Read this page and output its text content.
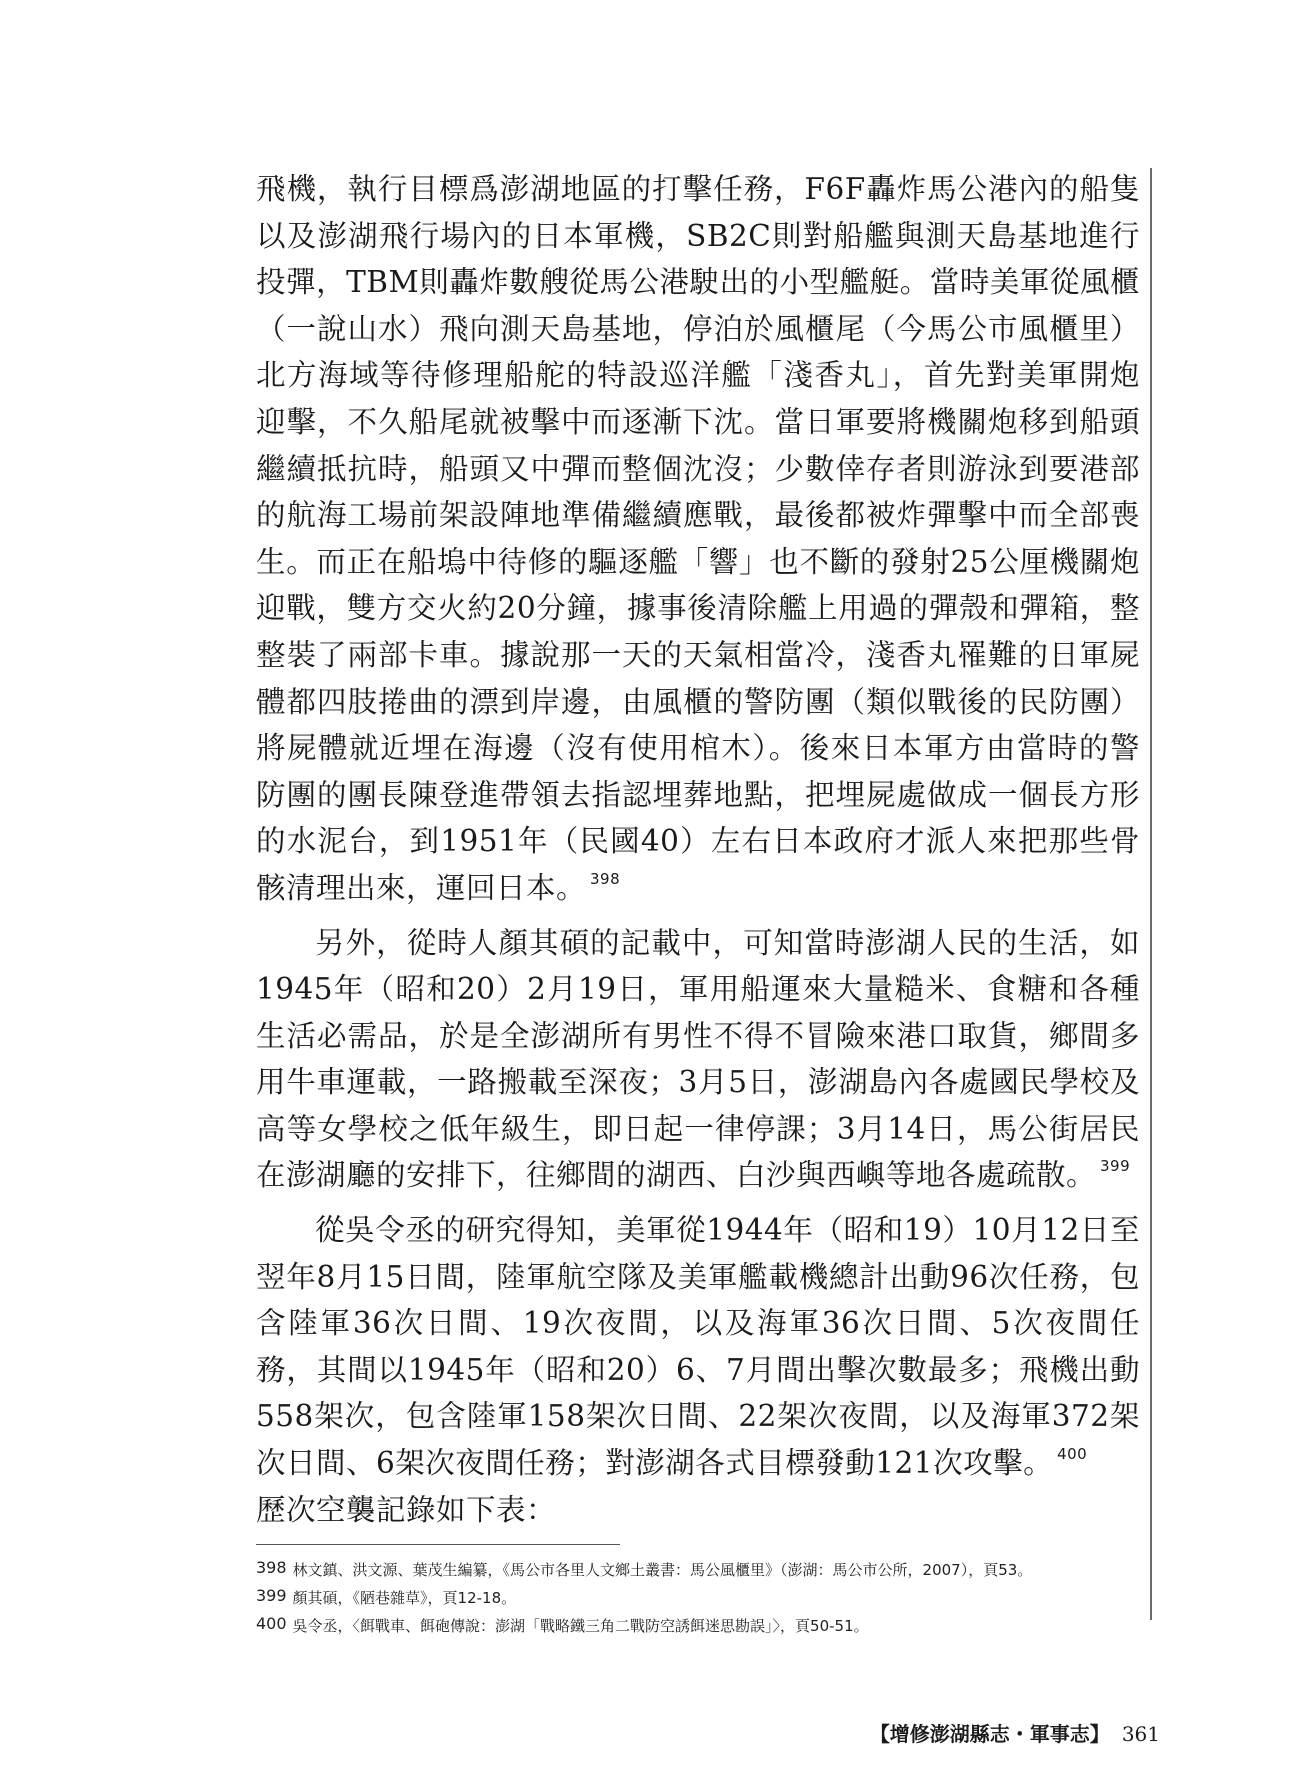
飛機，執行目標爲澎湖地區的打擊任務，F6F轟炸馬公港內的船隻以及澎湖飛行場內的日本軍機，SB2C則對船艦與測天島基地進行投彈，TBM則轟炸數艘從馬公港駛出的小型艦艇。當時美軍從風櫃（一說山水）飛向測天島基地，停泊於風櫃尾（今馬公市風櫃里）北方海域等待修理船舵的特設巡洋艦「淺香丸」，首先對美軍開炮迎擊，不久船尾就被擊中而逐漸下沈。當日軍要將機關炮移到船頭繼續抵抗時，船頭又中彈而整個沈沒；少數倖存者則游泳到要港部的航海工場前架設陣地準備繼續應戰，最後都被炸彈擊中而全部喪生。而正在船塢中待修的驅逐艦「響」也不斷的發射25公厘機關炮迎戰，雙方交火約20分鐘，據事後清除艦上用過的彈殼和彈箱，整整裝了兩部卡車。據說那一天的天氣相當冷，淺香丸罹難的日軍屍體都四肢捲曲的漂到岸邊，由風櫃的警防團（類似戰後的民防團）將屍體就近埋在海邊（沒有使用棺木）。後來日本軍方由當時的警防團的團長陳登進帶領去指認埋葬地點，把埋屍處做成一個長方形的水泥台，到1951年（民國40）左右日本政府才派人來把那些骨骸清理出來，運回日本。 $^{398}$

另外，從時人顏其碩的記載中，可知當時澎湖人民的生活，如1945年（昭和20）2月19日，軍用船運來大量糙米、食糖和各種生活必需品，於是全澎湖所有男性不得不冒險來港口取貨，鄉間多用牛車運載，一路搬載至深夜；3月5日，澎湖島內各處國民學校及高等女學校之低年級生，即日起一律停課；3月14日，馬公街居民在澎湖廳的安排下，往鄉間的湖西、白沙與西嶼等地各處疏散。 $^{399}$

從吳令丞的研究得知，美軍從1944年（昭和19）10月12日至翌年8月15日間，陸軍航空隊及美軍艦載機總計出動96次任務，包含陸軍36次日間、19次夜間，以及海軍36次日間、5次夜間任務，其間以1945年（昭和20）6、7月間出擊次數最多；飛機出動558架次，包含陸軍158架次日間、22架次夜間，以及海軍372架次日間、6架次夜間任務；對澎湖各式目標發動121次攻擊。 $^{400}$
歷次空襲記錄如下表：

398 林文鎮、洪文源、葉茂生編纂，《馬公市各里人文鄉土叢書：馬公風櫃里》（澎湖：馬公市公所，2007），頁53。

399 顏其碩，《陋巷雜草》，頁12-18。

400 吳令丞，〈餌戰車、餌砲傳說：澎湖「戰略鐵三角二戰防空誘餌迷思勘誤」〉，頁50-51。

【增修澎湖縣志・軍事志】 361
